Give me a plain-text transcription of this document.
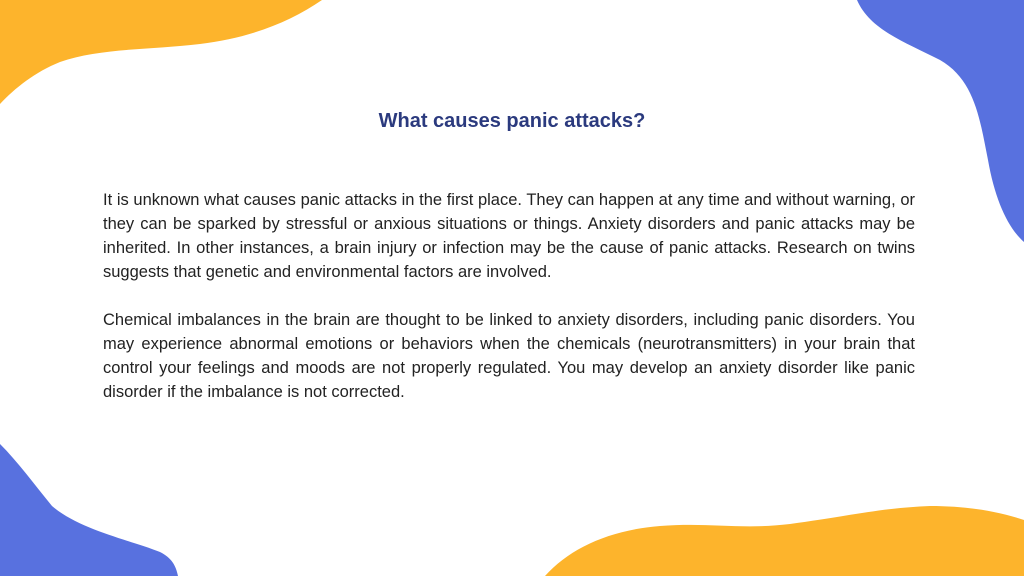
What causes panic attacks?

It is unknown what causes panic attacks in the first place. They can happen at any time and without warning, or they can be sparked by stressful or anxious situations or things. Anxiety disorders and panic attacks may be inherited. In other instances, a brain injury or infection may be the cause of panic attacks. Research on twins suggests that genetic and environmental factors are involved.

Chemical imbalances in the brain are thought to be linked to anxiety disorders, including panic disorders. You may experience abnormal emotions or behaviors when the chemicals (neurotransmitters) in your brain that control your feelings and moods are not properly regulated. You may develop an anxiety disorder like panic disorder if the imbalance is not corrected.
